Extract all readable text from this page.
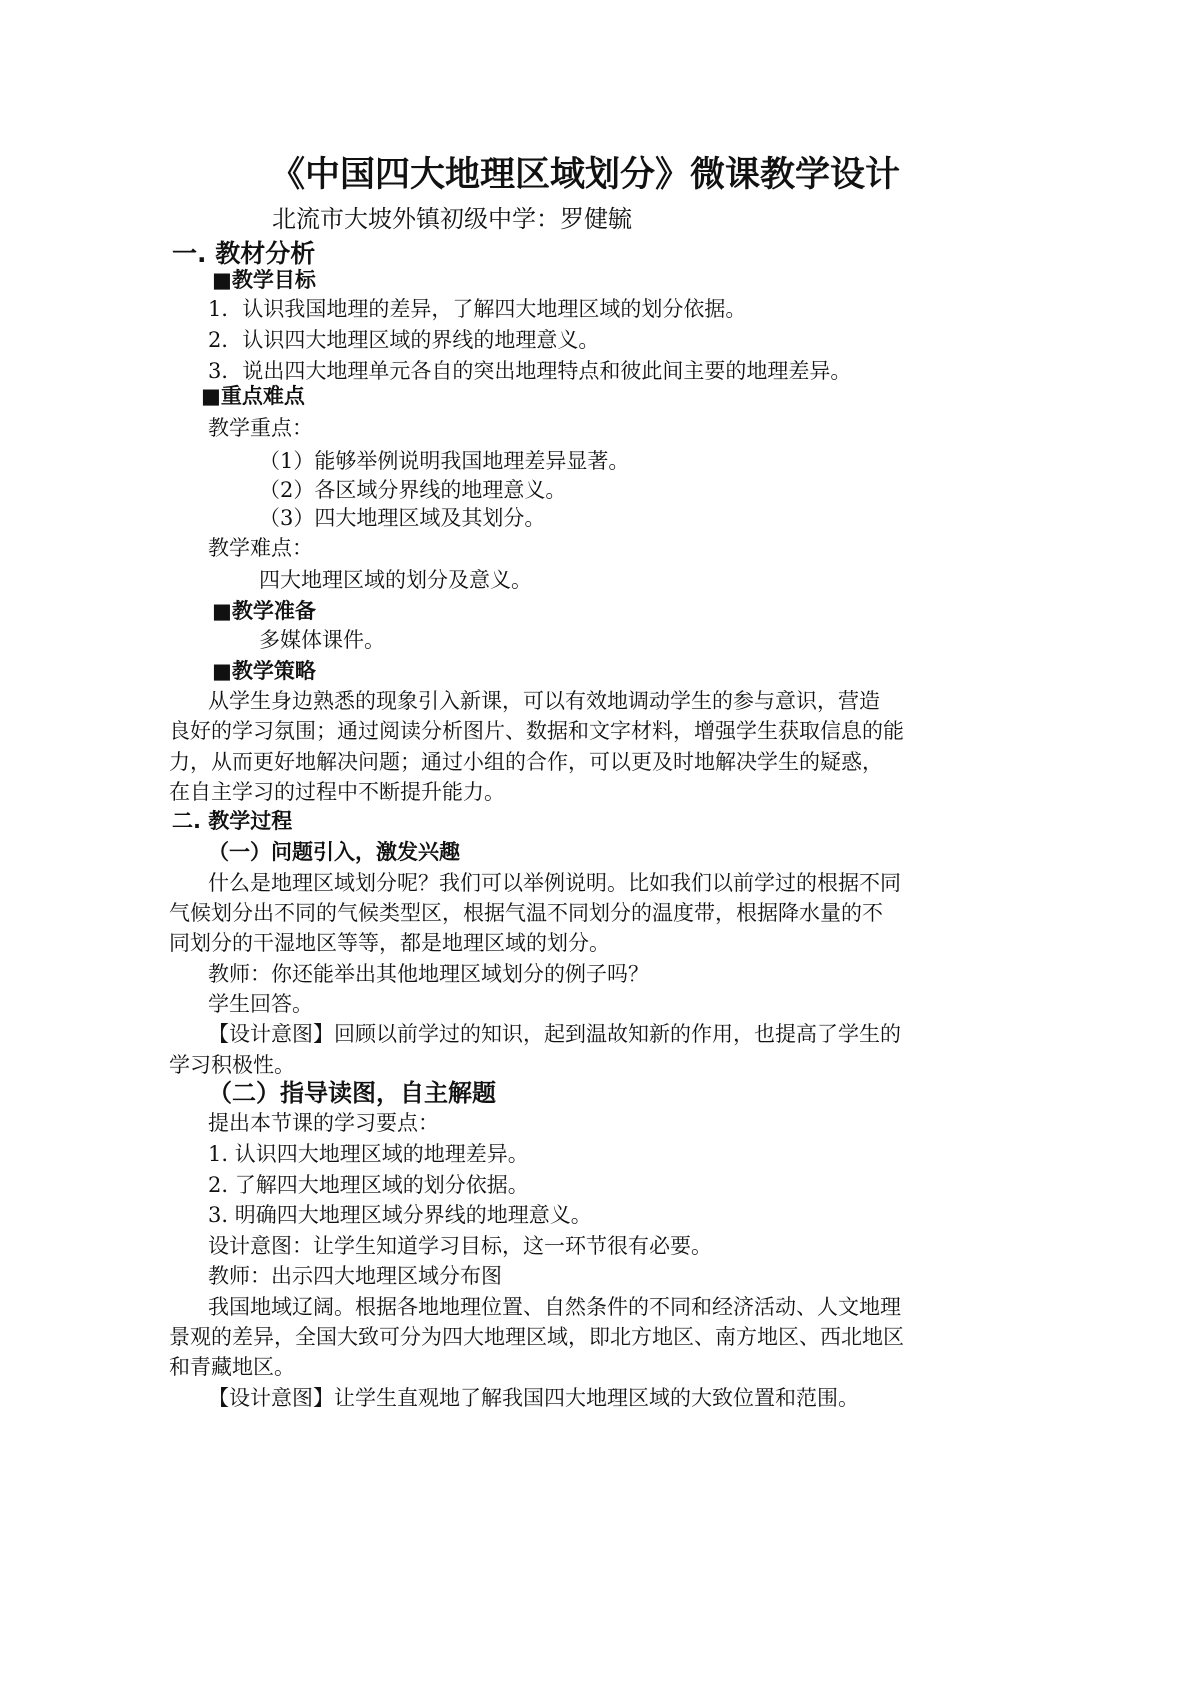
《中国四大地理区域划分》微课教学设计
北流市大坡外镇初级中学：罗健毓
一. 教材分析
■教学目标
1．认识我国地理的差异，了解四大地理区域的划分依据。
2．认识四大地理区域的界线的地理意义。
3．说出四大地理单元各自的突出地理特点和彼此间主要的地理差异。
■重点难点
教学重点：
（1）能够举例说明我国地理差异显著。
（2）各区域分界线的地理意义。
（3）四大地理区域及其划分。
教学难点：
四大地理区域的划分及意义。
■教学准备
多媒体课件。
■教学策略
从学生身边熟悉的现象引入新课，可以有效地调动学生的参与意识，营造
良好的学习氛围；通过阅读分析图片、数据和文字材料，增强学生获取信息的能
力，从而更好地解决问题；通过小组的合作，可以更及时地解决学生的疑惑，
在自主学习的过程中不断提升能力。
二. 教学过程
（一）问题引入，激发兴趣
什么是地理区域划分呢？我们可以举例说明。比如我们以前学过的根据不同
气候划分出不同的气候类型区，根据气温不同划分的温度带，根据降水量的不
同划分的干湿地区等等，都是地理区域的划分。
教师：你还能举出其他地理区域划分的例子吗？
学生回答。
【设计意图】回顾以前学过的知识，起到温故知新的作用，也提高了学生的
学习积极性。
（二）指导读图，自主解题
提出本节课的学习要点：
1. 认识四大地理区域的地理差异。
2. 了解四大地理区域的划分依据。
3. 明确四大地理区域分界线的地理意义。
设计意图：让学生知道学习目标，这一环节很有必要。
教师：出示四大地理区域分布图
我国地域辽阔。根据各地地理位置、自然条件的不同和经济活动、人文地理
景观的差异，全国大致可分为四大地理区域，即北方地区、南方地区、西北地区
和青藏地区。
【设计意图】让学生直观地了解我国四大地理区域的大致位置和范围。
